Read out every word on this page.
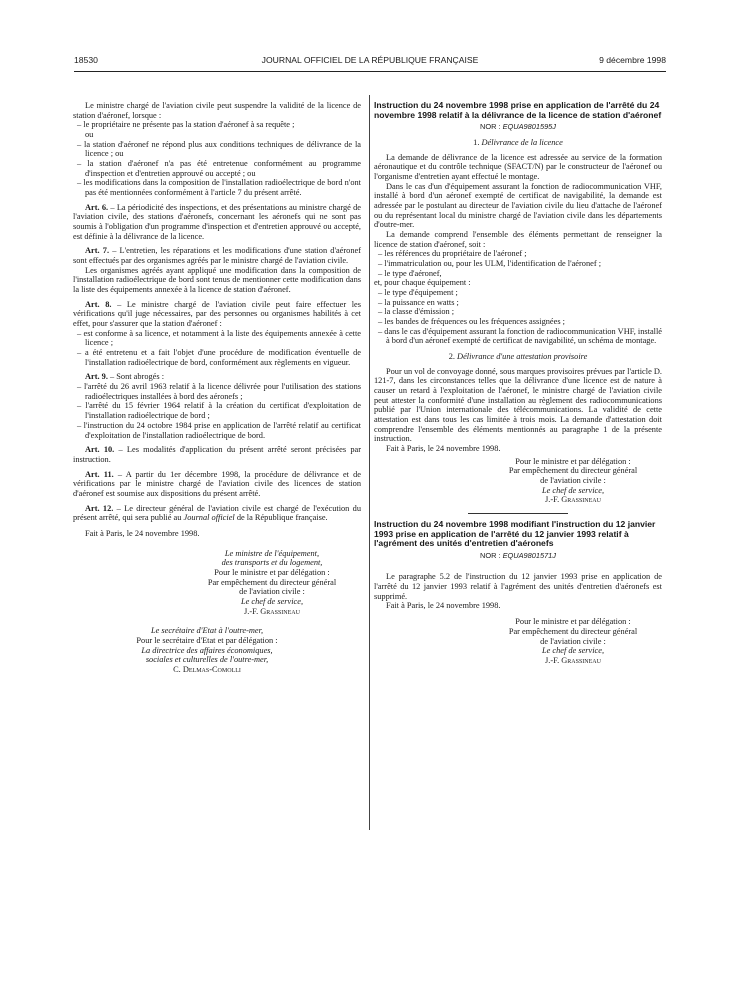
18530	JOURNAL OFFICIEL DE LA RÉPUBLIQUE FRANÇAISE	9 décembre 1998

Le ministre chargé de l'aviation civile peut suspendre la validité de la licence de station d'aéronef, lorsque :

– le propriétaire ne présente pas la station d'aéronef à sa requête ;

ou

– la station d'aéronef ne répond plus aux conditions techniques de délivrance de la licence ; ou

– la station d'aéronef n'a pas été entretenue conformément au programme d'inspection et d'entretien approuvé ou accepté ; ou

– les modifications dans la composition de l'installation radioélectrique de bord n'ont pas été mentionnées conformément à l'article 7 du présent arrêté.

Art. 6. – La périodicité des inspections, et des présentations au ministre chargé de l'aviation civile, des stations d'aéronefs, concernant les aéronefs qui ne sont pas soumis à l'obligation d'un programme d'inspection et d'entretien approuvé ou accepté, est définie à la délivrance de la licence.

Art. 7. – L'entretien, les réparations et les modifications d'une station d'aéronef sont effectués par des organismes agréés par le ministre chargé de l'aviation civile.

Les organismes agréés ayant appliqué une modification dans la composition de l'installation radioélectrique de bord sont tenus de mentionner cette modification dans la liste des équipements annexée à la licence de station d'aéronef.

Art. 8. – Le ministre chargé de l'aviation civile peut faire effectuer les vérifications qu'il juge nécessaires, par des personnes ou organismes habilités à cet effet, pour s'assurer que la station d'aéronef :

– est conforme à sa licence, et notamment à la liste des équipements annexée à cette licence ;

– a été entretenu et a fait l'objet d'une procédure de modification éventuelle de l'installation radioélectrique de bord, conformément aux règlements en vigueur.

Art. 9. – Sont abrogés :

– l'arrêté du 26 avril 1963 relatif à la licence délivrée pour l'utilisation des stations radioélectriques installées à bord des aéronefs ;

– l'arrêté du 15 février 1964 relatif à la création du certificat d'exploitation de l'installation radioélectrique de bord ;

– l'instruction du 24 octobre 1984 prise en application de l'arrêté relatif au certificat d'exploitation de l'installation radioélectrique de bord.

Art. 10. – Les modalités d'application du présent arrêté seront précisées par instruction.

Art. 11. – A partir du 1er décembre 1998, la procédure de délivrance et de vérifications par le ministre chargé de l'aviation civile des licences de station d'aéronef est soumise aux dispositions du présent arrêté.

Art. 12. – Le directeur général de l'aviation civile est chargé de l'exécution du présent arrêté, qui sera publié au Journal officiel de la République française.

Fait à Paris, le 24 novembre 1998.

Le ministre de l'équipement,

des transports et du logement,

Pour le ministre et par délégation :

Par empêchement du directeur général

de l'aviation civile :

Le chef de service,

J.-F. Grassineau

Le secrétaire d'Etat à l'outre-mer,

Pour le secrétaire d'Etat et par délégation :

La directrice des affaires économiques,

sociales et culturelles de l'outre-mer,

C. Delmas-Comolli

Instruction du 24 novembre 1998 prise en application de l'arrêté du 24 novembre 1998 relatif à la délivrance de la licence de station d'aéronef

NOR : EQUA9801595J

1. Délivrance de la licence

La demande de délivrance de la licence est adressée au service de la formation aéronautique et du contrôle technique (SFACT/N) par le constructeur de l'aéronef ou l'organisme d'entretien ayant effectué le montage.

Dans le cas d'un d'équipement assurant la fonction de radiocommunication VHF, installé à bord d'un aéronef exempté de certificat de navigabilité, la demande est adressée par le postulant au directeur de l'aviation civile du lieu d'attache de l'aéronef ou du représentant local du ministre chargé de l'aviation civile dans les départements d'outre-mer.

La demande comprend l'ensemble des éléments permettant de renseigner la licence de station d'aéronef, soit :

– les références du propriétaire de l'aéronef ;

– l'immatriculation ou, pour les ULM, l'identification de l'aéronef ;

– le type d'aéronef,

et, pour chaque équipement :

– le type d'équipement ;

– la puissance en watts ;

– la classe d'émission ;

– les bandes de fréquences ou les fréquences assignées ;

– dans le cas d'équipement assurant la fonction de radiocommunication VHF, installé à bord d'un aéronef exempté de certificat de navigabilité, un schéma de montage.

2. Délivrance d'une attestation provisoire

Pour un vol de convoyage donné, sous marques provisoires prévues par l'article D. 121-7, dans les circonstances telles que la délivrance d'une licence est de nature à causer un retard à l'exploitation de l'aéronef, le ministre chargé de l'aviation civile peut attester la conformité d'une installation au règlement des radiocommunications publié par l'Union internationale des télécommunications. La validité de cette attestation est dans tous les cas limitée à trois mois. La demande d'attestation doit comprendre l'ensemble des éléments mentionnés au paragraphe 1 de la présente instruction.

Fait à Paris, le 24 novembre 1998.

Pour le ministre et par délégation :

Par empêchement du directeur général

de l'aviation civile :

Le chef de service,

J.-F. Grassineau

Instruction du 24 novembre 1998 modifiant l'instruction du 12 janvier 1993 prise en application de l'arrêté du 12 janvier 1993 relatif à l'agrément des unités d'entretien d'aéronefs

NOR : EQUA9801571J

Le paragraphe 5.2 de l'instruction du 12 janvier 1993 prise en application de l'arrêté du 12 janvier 1993 relatif à l'agrément des unités d'entretien d'aéronefs est supprimé.

Fait à Paris, le 24 novembre 1998.

Pour le ministre et par délégation :

Par empêchement du directeur général

de l'aviation civile :

Le chef de service,

J.-F. Grassineau
